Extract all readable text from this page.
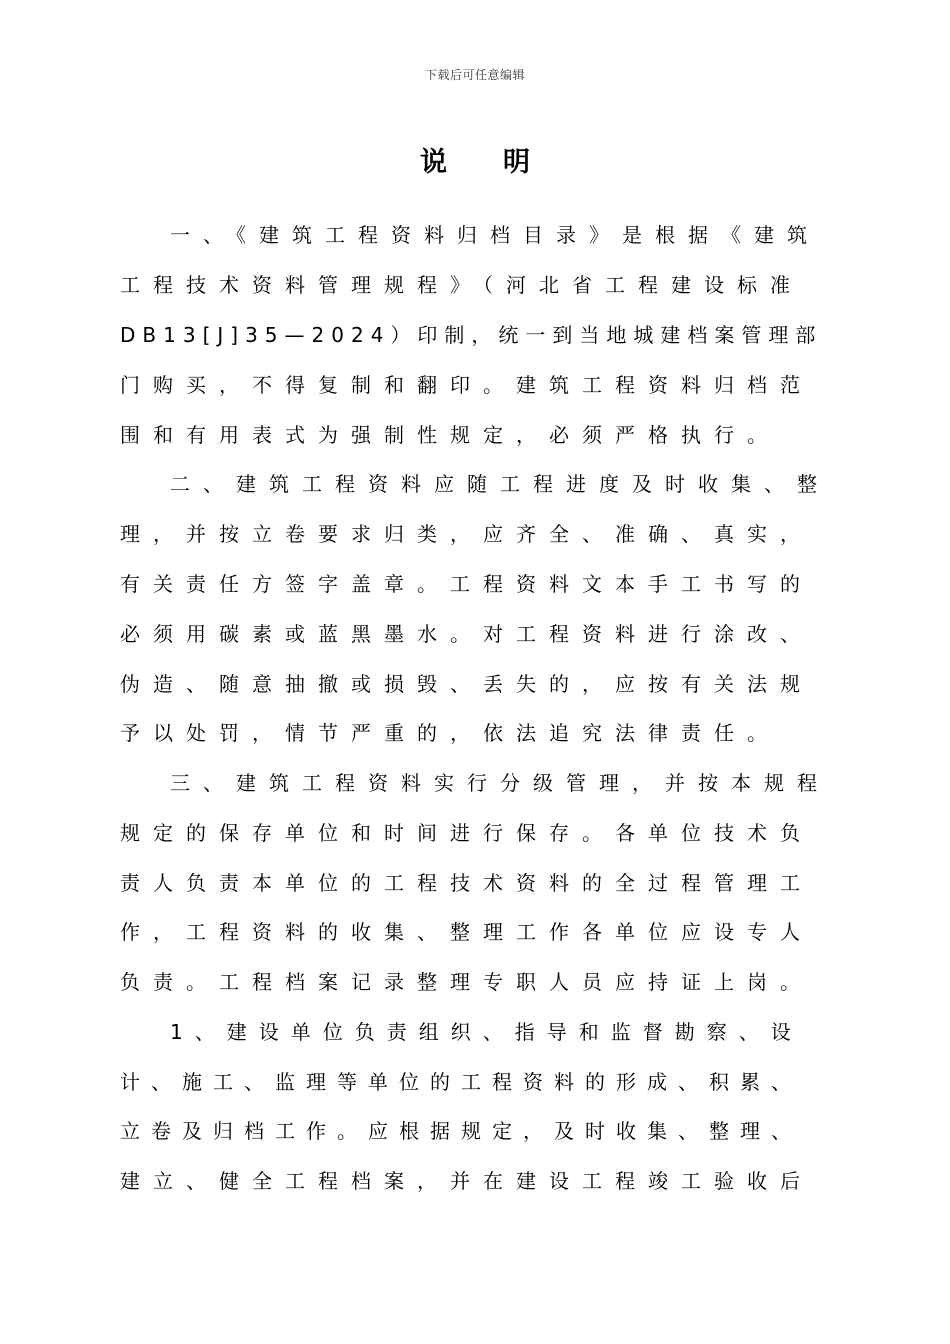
下载后可任意编辑
说 明
一、《建筑工程资料归档目录》是根据《建筑
工程技术资料管理规程》（河北省工程建设标准
DB13[J]35—2024）印制，统一到当地城建档案管理部
门购买，不得复制和翻印。建筑工程资料归档范
围和有用表式为强制性规定，必须严格执行。
二、建筑工程资料应随工程进度及时收集、整
理，并按立卷要求归类，应齐全、准确、真实，
有关责任方签字盖章。工程资料文本手工书写的
必须用碳素或蓝黑墨水。对工程资料进行涂改、
伪造、随意抽撤或损毁、丢失的，应按有关法规
予以处罚，情节严重的，依法追究法律责任。
三、建筑工程资料实行分级管理，并按本规程
规定的保存单位和时间进行保存。各单位技术负
责人负责本单位的工程技术资料的全过程管理工
作，工程资料的收集、整理工作各单位应设专人
负责。工程档案记录整理专职人员应持证上岗。
1、建设单位负责组织、指导和监督勘察、设
计、施工、监理等单位的工程资料的形成、积累、
立卷及归档工作。应根据规定，及时收集、整理、
建立、健全工程档案，并在建设工程竣工验收后
